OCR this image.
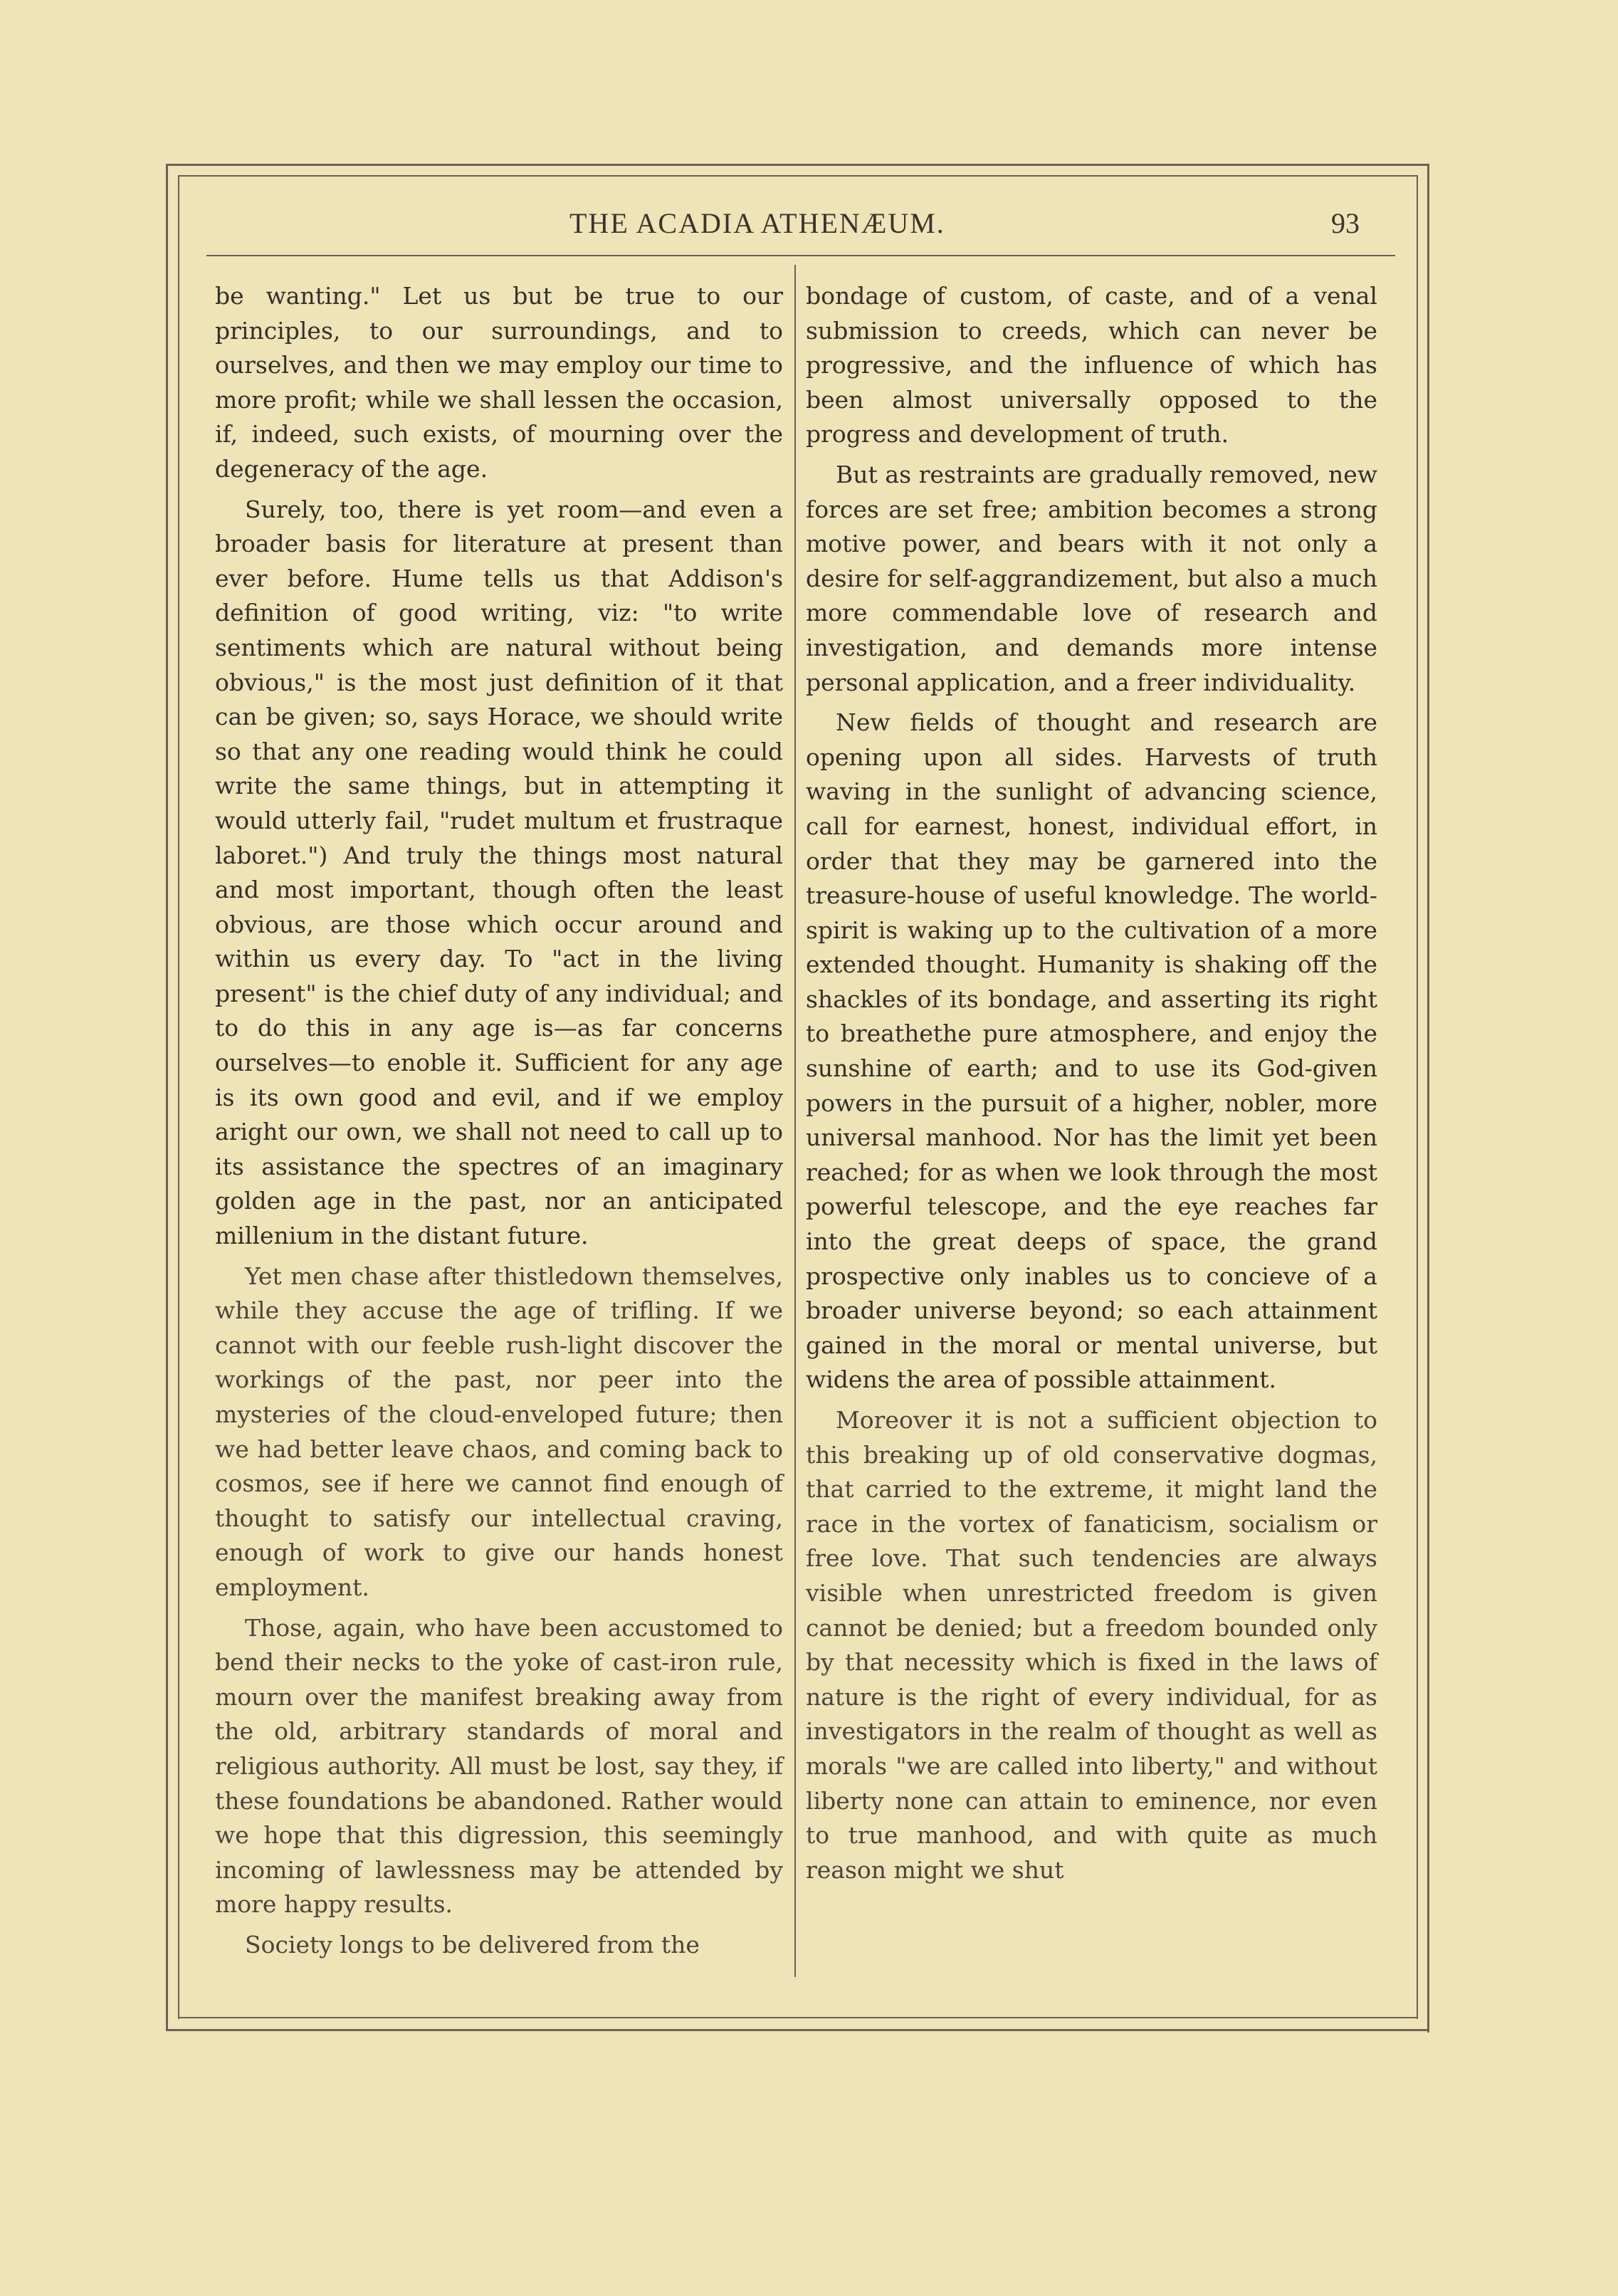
THE ACADIA ATHENÆUM.	93

be wanting." Let us but be true to our principles, to our surroundings, and to ourselves, and then we may employ our time to more profit; while we shall lessen the occasion, if, indeed, such exists, of mourning over the degeneracy of the age.

Surely, too, there is yet room—and even a broader basis for literature at present than ever before. Hume tells us that Addison's definition of good writing, viz: "to write sentiments which are natural without being obvious," is the most just definition of it that can be given; so, says Horace, we should write so that any one reading would think he could write the same things, but in attempting it would utterly fail, "rudet multum et frustraque laboret.") And truly the things most natural and most important, though often the least obvious, are those which occur around and within us every day. To "act in the living present" is the chief duty of any individual; and to do this in any age is—as far concerns ourselves—to enoble it. Sufficient for any age is its own good and evil, and if we employ aright our own, we shall not need to call up to its assistance the spectres of an imaginary golden age in the past, nor an anticipated millenium in the distant future.

Yet men chase after thistledown themselves, while they accuse the age of trifling. If we cannot with our feeble rush-light discover the workings of the past, nor peer into the mysteries of the cloud-enveloped future; then we had better leave chaos, and coming back to cosmos, see if here we cannot find enough of thought to satisfy our intellectual craving, enough of work to give our hands honest employment.

Those, again, who have been accustomed to bend their necks to the yoke of cast-iron rule, mourn over the manifest breaking away from the old, arbitrary standards of moral and religious authority. All must be lost, say they, if these foundations be abandoned. Rather would we hope that this digression, this seemingly incoming of lawlessness may be attended by more happy results.

Society longs to be delivered from the

bondage of custom, of caste, and of a venal submission to creeds, which can never be progressive, and the influence of which has been almost universally opposed to the progress and development of truth.

But as restraints are gradually removed, new forces are set free; ambition becomes a strong motive power, and bears with it not only a desire for self-aggrandizement, but also a much more commendable love of research and investigation, and demands more intense personal application, and a freer individuality.

New fields of thought and research are opening upon all sides. Harvests of truth waving in the sunlight of advancing science, call for earnest, honest, individual effort, in order that they may be garnered into the treasure-house of useful knowledge. The world-spirit is waking up to the cultivation of a more extended thought. Humanity is shaking off the shackles of its bondage, and asserting its right to breathethe pure atmosphere, and enjoy the sunshine of earth; and to use its God-given powers in the pursuit of a higher, nobler, more universal manhood. Nor has the limit yet been reached; for as when we look through the most powerful telescope, and the eye reaches far into the great deeps of space, the grand prospective only inables us to concieve of a broader universe beyond; so each attainment gained in the moral or mental universe, but widens the area of possible attainment.

Moreover it is not a sufficient objection to this breaking up of old conservative dogmas, that carried to the extreme, it might land the race in the vortex of fanaticism, socialism or free love. That such tendencies are always visible when unrestricted freedom is given cannot be denied; but a freedom bounded only by that necessity which is fixed in the laws of nature is the right of every individual, for as investigators in the realm of thought as well as morals "we are called into liberty," and without liberty none can attain to eminence, nor even to true manhood, and with quite as much reason might we shut
